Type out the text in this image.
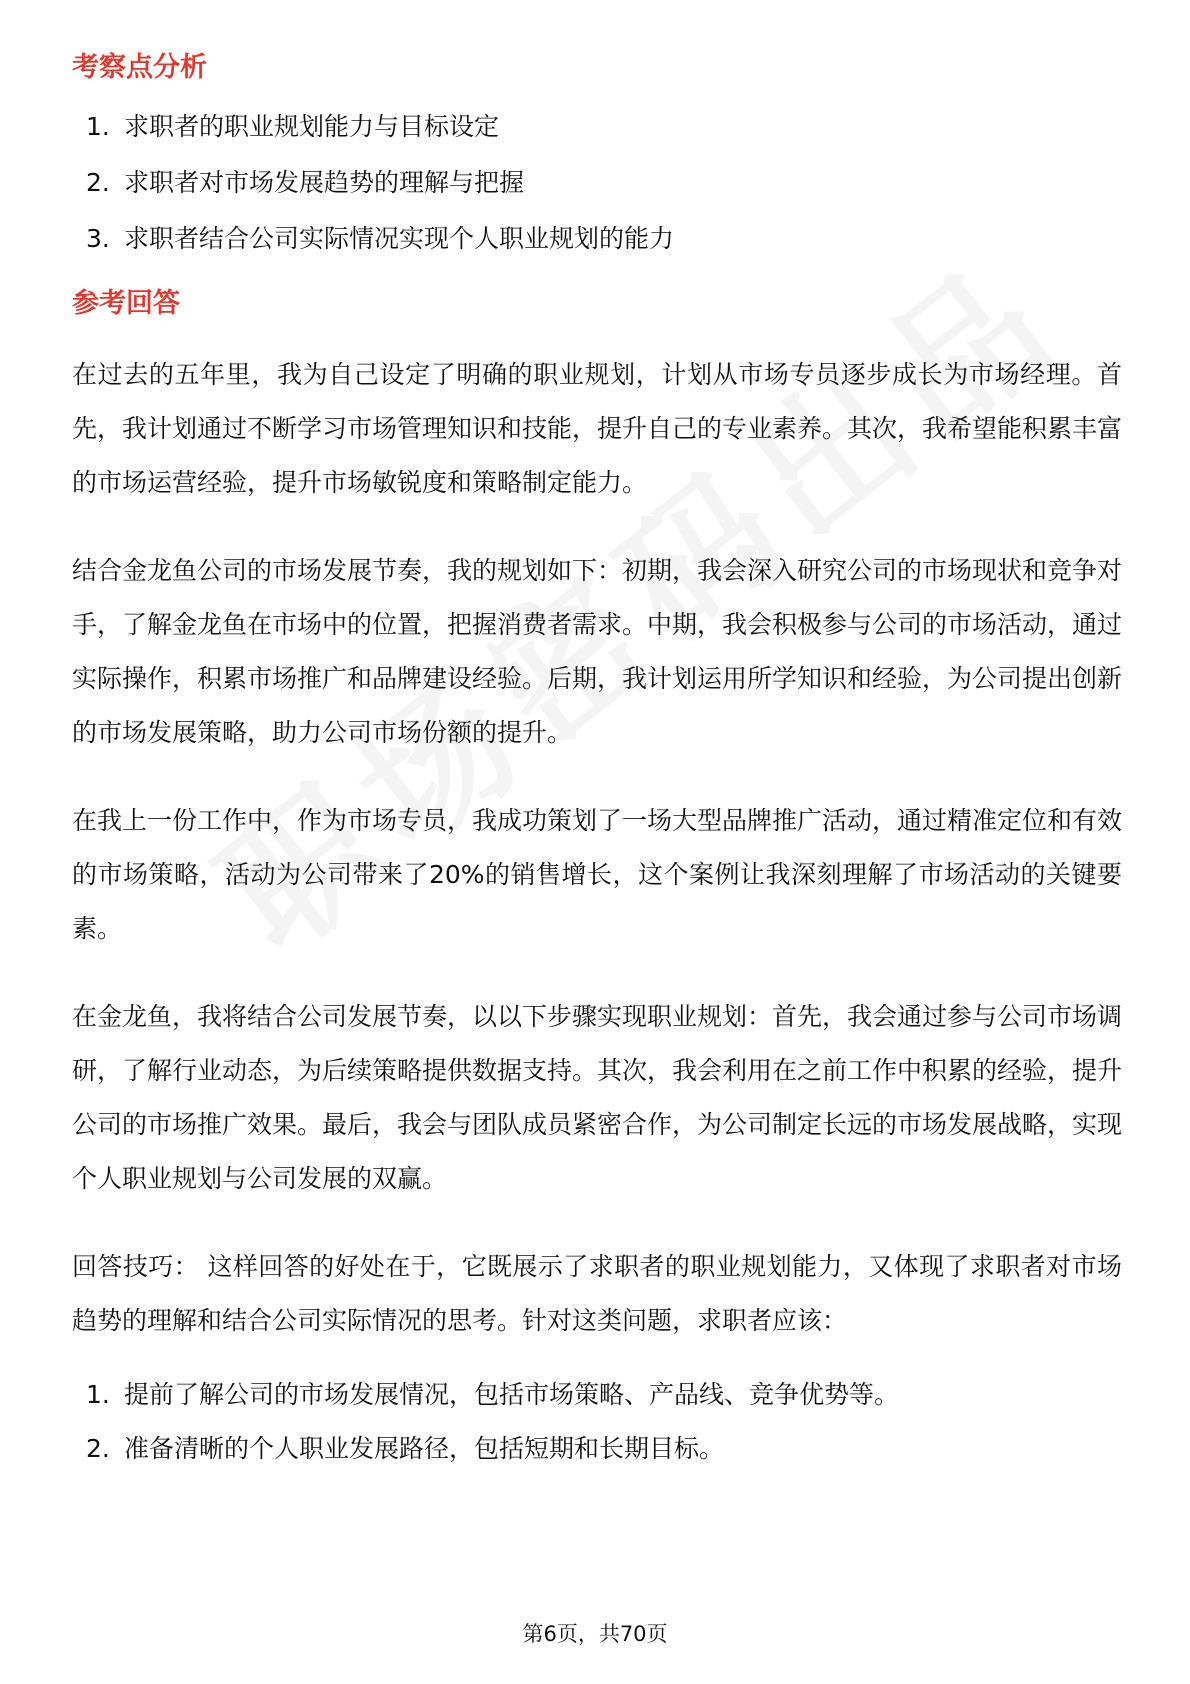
考察点分析
1. 求职者的职业规划能力与目标设定
2. 求职者对市场发展趋势的理解与把握
3. 求职者结合公司实际情况实现个人职业规划的能力
参考回答

在过去的五年里，我为自己设定了明确的职业规划，计划从市场专员逐步成长为市场经理。首先，我计划通过不断学习市场管理知识和技能，提升自己的专业素养。其次，我希望能积累丰富的市场运营经验，提升市场敏锐度和策略制定能力。

结合金龙鱼公司的市场发展节奏，我的规划如下：初期，我会深入研究公司的市场现状和竞争对手，了解金龙鱼在市场中的位置，把握消费者需求。中期，我会积极参与公司的市场活动，通过实际操作，积累市场推广和品牌建设经验。后期，我计划运用所学知识和经验，为公司提出创新的市场发展策略，助力公司市场份额的提升。

在我上一份工作中，作为市场专员，我成功策划了一场大型品牌推广活动，通过精准定位和有效的市场策略，活动为公司带来了20%的销售增长，这个案例让我深刻理解了市场活动的关键要素。

在金龙鱼，我将结合公司发展节奏，以以下步骤实现职业规划：首先，我会通过参与公司市场调研，了解行业动态，为后续策略提供数据支持。其次，我会利用在之前工作中积累的经验，提升公司的市场推广效果。最后，我会与团队成员紧密合作，为公司制定长远的市场发展战略，实现个人职业规划与公司发展的双赢。

回答技巧： 这样回答的好处在于，它既展示了求职者的职业规划能力，又体现了求职者对市场趋势的理解和结合公司实际情况的思考。针对这类问题，求职者应该：

1. 提前了解公司的市场发展情况，包括市场策略、产品线、竞争优势等。
2. 准备清晰的个人职业发展路径，包括短期和长期目标。
第6页，共70页
